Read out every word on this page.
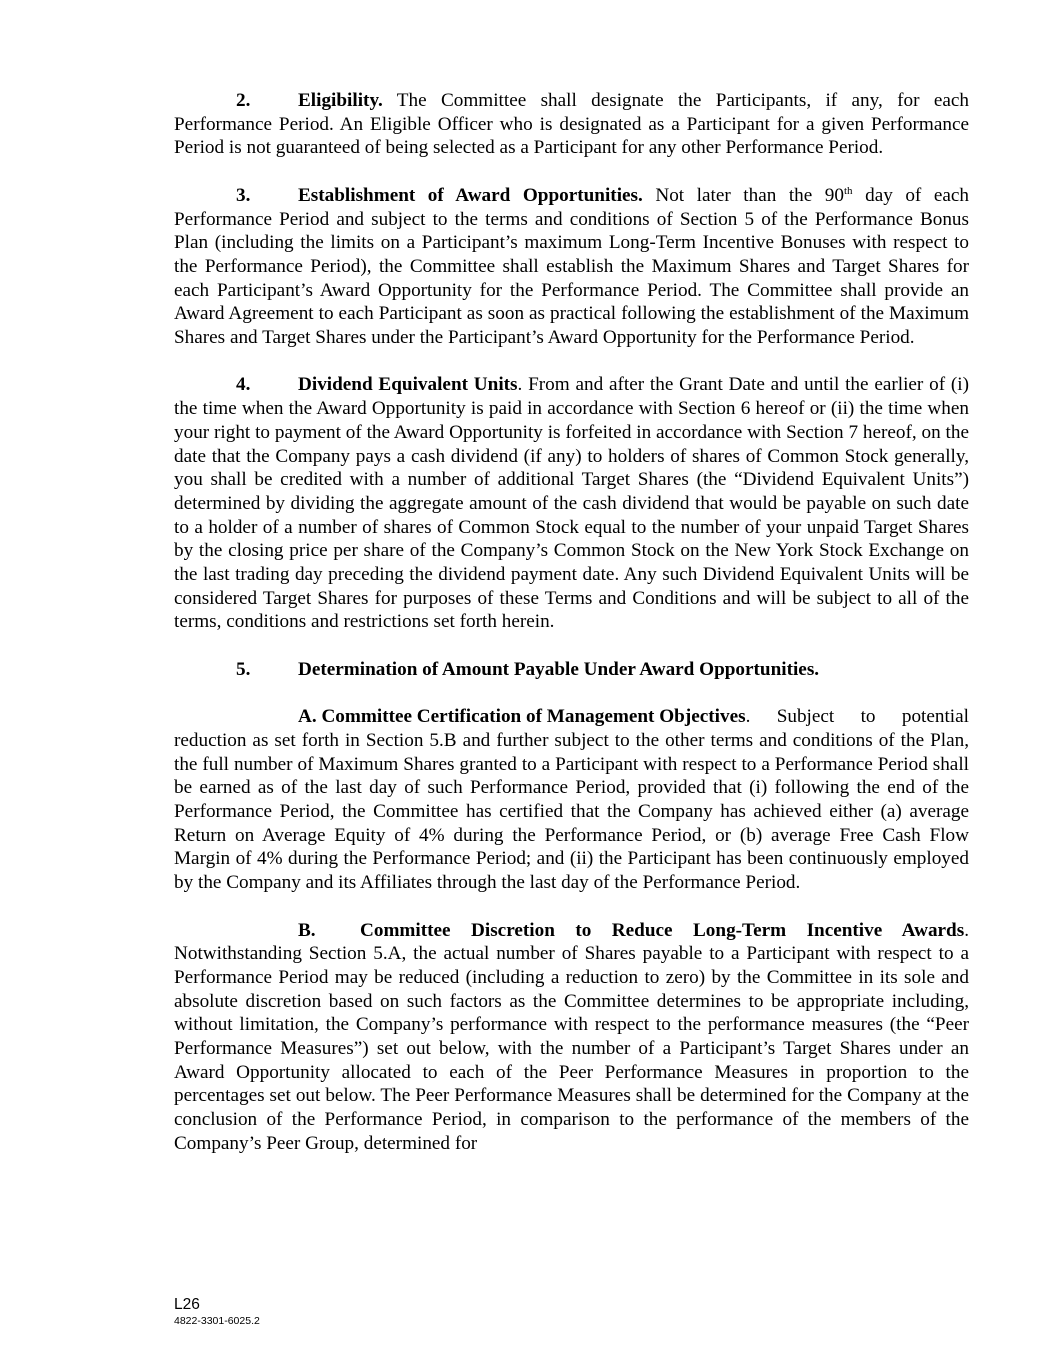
2. Eligibility. The Committee shall designate the Participants, if any, for each Performance Period. An Eligible Officer who is designated as a Participant for a given Performance Period is not guaranteed of being selected as a Participant for any other Performance Period.

3. Establishment of Award Opportunities. Not later than the 90th day of each Performance Period and subject to the terms and conditions of Section 5 of the Performance Bonus Plan (including the limits on a Participant’s maximum Long-Term Incentive Bonuses with respect to the Performance Period), the Committee shall establish the Maximum Shares and Target Shares for each Participant’s Award Opportunity for the Performance Period. The Committee shall provide an Award Agreement to each Participant as soon as practical following the establishment of the Maximum Shares and Target Shares under the Participant’s Award Opportunity for the Performance Period.

4. Dividend Equivalent Units. From and after the Grant Date and until the earlier of (i) the time when the Award Opportunity is paid in accordance with Section 6 hereof or (ii) the time when your right to payment of the Award Opportunity is forfeited in accordance with Section 7 hereof, on the date that the Company pays a cash dividend (if any) to holders of shares of Common Stock generally, you shall be credited with a number of additional Target Shares (the “Dividend Equivalent Units”) determined by dividing the aggregate amount of the cash dividend that would be payable on such date to a holder of a number of shares of Common Stock equal to the number of your unpaid Target Shares by the closing price per share of the Company’s Common Stock on the New York Stock Exchange on the last trading day preceding the dividend payment date. Any such Dividend Equivalent Units will be considered Target Shares for purposes of these Terms and Conditions and will be subject to all of the terms, conditions and restrictions set forth herein.

5. Determination of Amount Payable Under Award Opportunities.

A. Committee Certification of Management Objectives. Subject to potential reduction as set forth in Section 5.B and further subject to the other terms and conditions of the Plan, the full number of Maximum Shares granted to a Participant with respect to a Performance Period shall be earned as of the last day of such Performance Period, provided that (i) following the end of the Performance Period, the Committee has certified that the Company has achieved either (a) average Return on Average Equity of 4% during the Performance Period, or (b) average Free Cash Flow Margin of 4% during the Performance Period; and (ii) the Participant has been continuously employed by the Company and its Affiliates through the last day of the Performance Period.

B. Committee Discretion to Reduce Long-Term Incentive Awards. Notwithstanding Section 5.A, the actual number of Shares payable to a Participant with respect to a Performance Period may be reduced (including a reduction to zero) by the Committee in its sole and absolute discretion based on such factors as the Committee determines to be appropriate including, without limitation, the Company’s performance with respect to the performance measures (the “Peer Performance Measures”) set out below, with the number of a Participant’s Target Shares under an Award Opportunity allocated to each of the Peer Performance Measures in proportion to the percentages set out below. The Peer Performance Measures shall be determined for the Company at the conclusion of the Performance Period, in comparison to the performance of the members of the Company’s Peer Group, determined for

L26
4822-3301-6025.2
